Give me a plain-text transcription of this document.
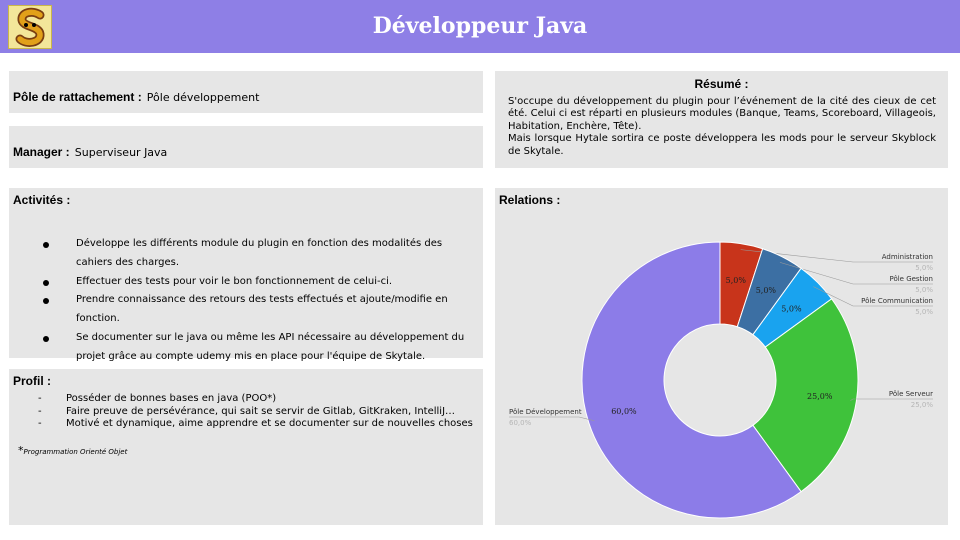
Développeur Java
Pôle de rattachement : Pôle développement
Manager : Superviseur Java
Résumé :
S'occupe du développement du plugin pour l’événement de la cité des cieux de cet été. Celui ci est réparti en plusieurs modules (Banque, Teams, Scoreboard, Villageois, Habitation, Enchère, Tête).
Mais lorsque Hytale sortira ce poste développera les mods pour le serveur Skyblock de Skytale.
Activités :
Développe les différents module du plugin en fonction des modalités des cahiers des charges.
Effectuer des tests pour voir le bon fonctionnement de celui-ci.
Prendre connaissance des retours des tests effectués et ajoute/modifie en fonction.
Se documenter sur le java ou même les API nécessaire au développement du projet grâce au compte udemy mis en place pour l'équipe de Skytale.
Profil :
- Posséder de bonnes bases en java (POO*)
- Faire preuve de persévérance, qui sait se servir de Gitlab, GitKraken, IntelliJ…
- Motivé et dynamique, aime apprendre et se documenter sur de nouvelles choses
*Programmation Orienté Objet
Relations :
5,0%
Administration
5,0%
5,0%
Pôle Gestion
5,0%
5,0%
Pôle Communication
5,0%
25,0%	Pôle Serveur
25,0%
60,0%
Pôle Développement
60,0%
